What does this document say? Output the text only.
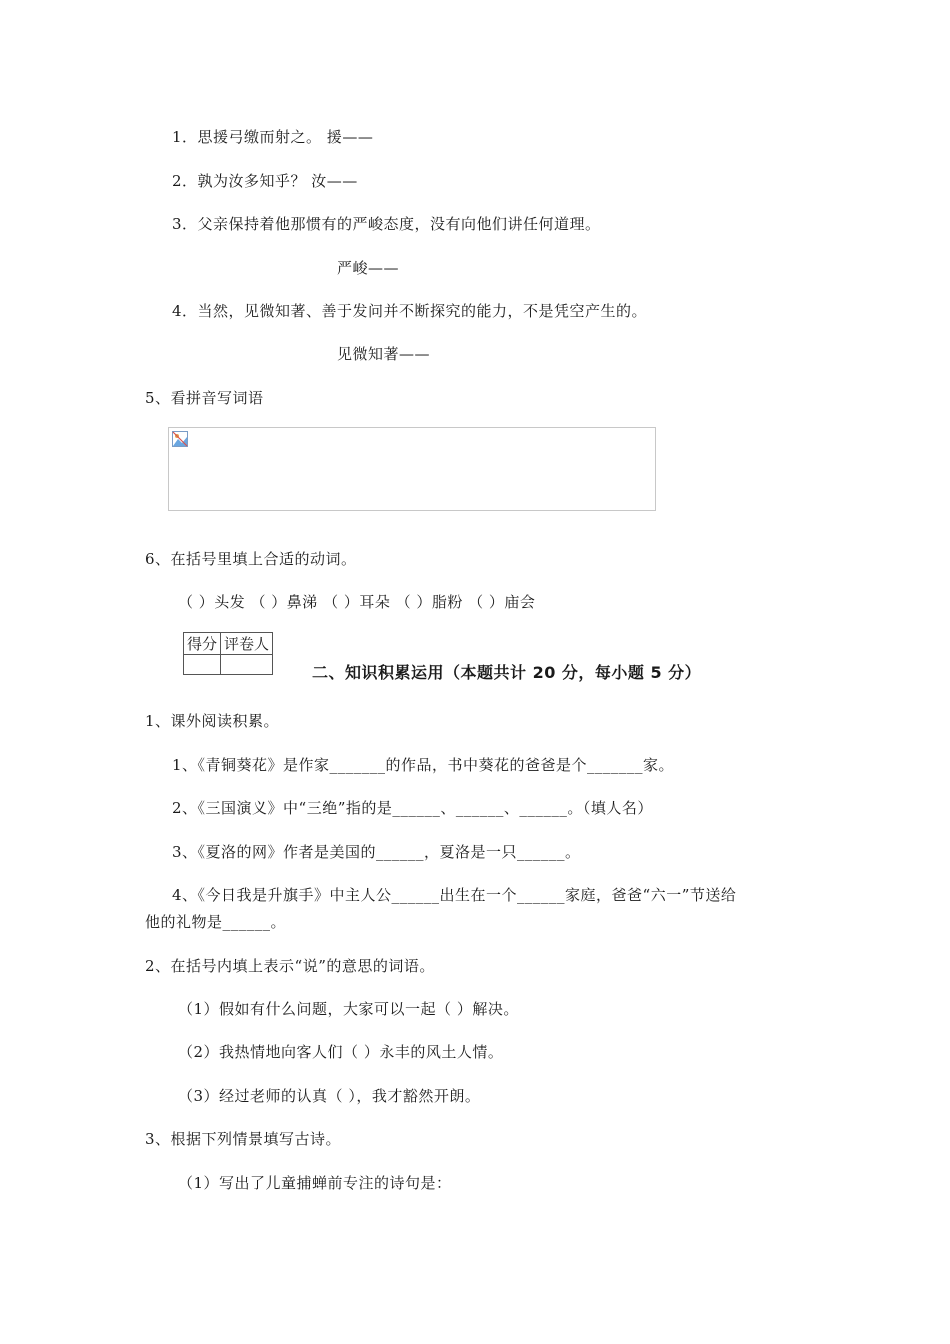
1．思援弓缴而射之。 援——
2．孰为汝多知乎？ 汝——
3．父亲保持着他那惯有的严峻态度，没有向他们讲任何道理。
严峻——
4．当然，见微知著、善于发问并不断探究的能力，不是凭空产生的。
见微知著——
5、看拼音写词语
6、在括号里填上合适的动词。
（ ）头发 （ ）鼻涕 （ ）耳朵 （ ）脂粉 （ ）庙会
得分	评卷人

二、知识积累运用（本题共计 20 分，每小题 5 分）
1、课外阅读积累。
1、《青铜葵花》是作家_______的作品，书中葵花的爸爸是个_______家。
2、《三国演义》中“三绝”指的是______、______、______。（填人名）
3、《夏洛的网》作者是美国的______，夏洛是一只______。
4、《今日我是升旗手》中主人公______出生在一个______家庭，爸爸“六一”节送给
他的礼物是______。
2、在括号内填上表示“说”的意思的词语。
（1）假如有什么问题，大家可以一起（ ）解决。
（2）我热情地向客人们（ ）永丰的风土人情。
（3）经过老师的认真（ ），我才豁然开朗。
3、根据下列情景填写古诗。
（1）写出了儿童捕蝉前专注的诗句是：
